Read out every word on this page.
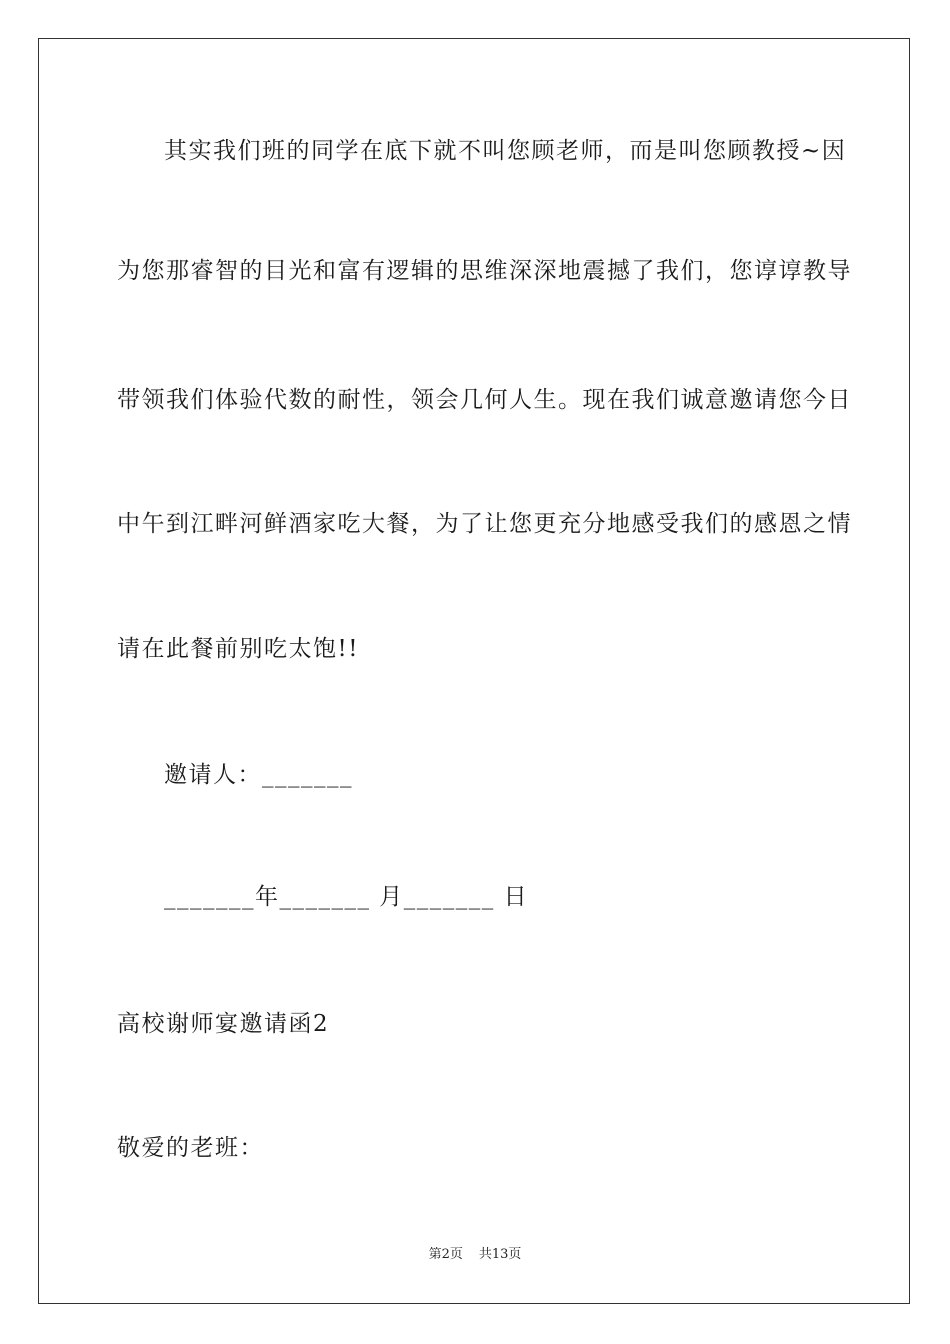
其实我们班的同学在底下就不叫您顾老师，而是叫您顾教授~因
为您那睿智的目光和富有逻辑的思维深深地震撼了我们，您谆谆教导
带领我们体验代数的耐性，领会几何人生。现在我们诚意邀请您今日
中午到江畔河鲜酒家吃大餐，为了让您更充分地感受我们的感恩之情
请在此餐前别吃太饱!!
邀请人：_______
_______年_______ 月_______ 日
高校谢师宴邀请函2
敬爱的老班：
第2页 共13页
